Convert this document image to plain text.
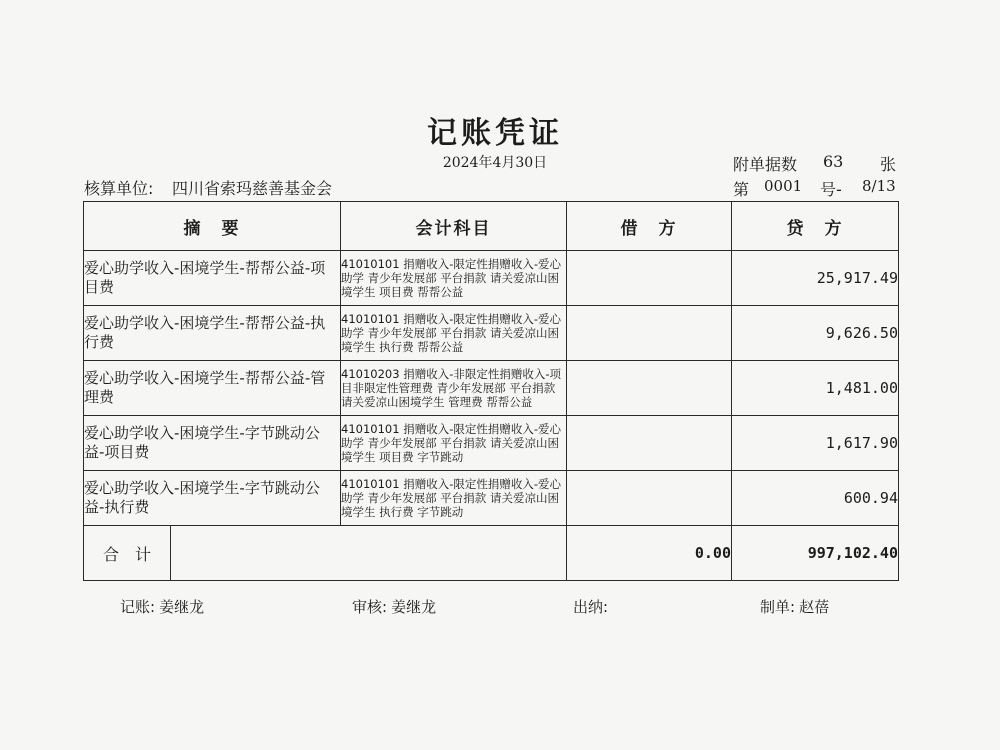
记账凭证
2024年4月30日	附单据数 63 张
核算单位: 四川省索玛慈善基金会	第 0001 号- 8/13
摘　要	会计科目	借　方	贷　方
爱心助学收入-困境学生-帮帮公益-项目费	41010101 捐赠收入-限定性捐赠收入-爱心助学 青少年发展部 平台捐款 请关爱凉山困境学生 项目费 帮帮公益		25,917.49
爱心助学收入-困境学生-帮帮公益-执行费	41010101 捐赠收入-限定性捐赠收入-爱心助学 青少年发展部 平台捐款 请关爱凉山困境学生 执行费 帮帮公益		9,626.50
爱心助学收入-困境学生-帮帮公益-管理费	41010203 捐赠收入-非限定性捐赠收入-项目非限定性管理费 青少年发展部 平台捐款 请关爱凉山困境学生 管理费 帮帮公益		1,481.00
爱心助学收入-困境学生-字节跳动公益-项目费	41010101 捐赠收入-限定性捐赠收入-爱心助学 青少年发展部 平台捐款 请关爱凉山困境学生 项目费 字节跳动		1,617.90
爱心助学收入-困境学生-字节跳动公益-执行费	41010101 捐赠收入-限定性捐赠收入-爱心助学 青少年发展部 平台捐款 请关爱凉山困境学生 执行费 字节跳动		600.94

合　计		0.00	997,102.40
记账: 姜继龙	审核: 姜继龙	出纳:	制单: 赵蓓
